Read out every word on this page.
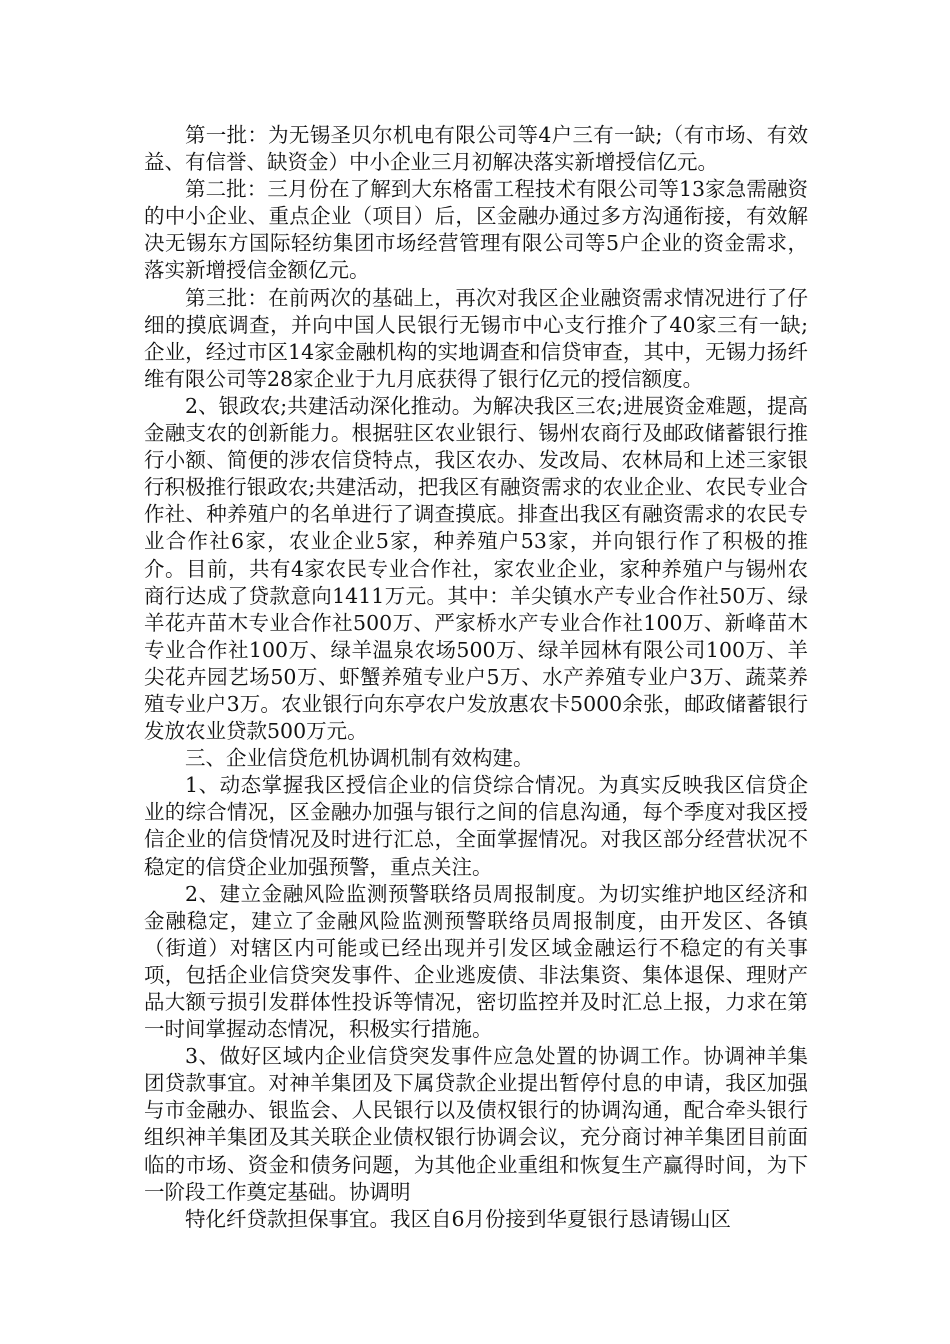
第一批：为无锡圣贝尔机电有限公司等4户三有一缺;（有市场、有效益、有信誉、缺资金）中小企业三月初解决落实新增授信亿元。

第二批：三月份在了解到大东格雷工程技术有限公司等13家急需融资的中小企业、重点企业（项目）后，区金融办通过多方沟通衔接，有效解决无锡东方国际轻纺集团市场经营管理有限公司等5户企业的资金需求，落实新增授信金额亿元。

第三批：在前两次的基础上，再次对我区企业融资需求情况进行了仔细的摸底调查，并向中国人民银行无锡市中心支行推介了40家三有一缺;企业，经过市区14家金融机构的实地调查和信贷审查，其中，无锡力扬纤维有限公司等28家企业于九月底获得了银行亿元的授信额度。

2、银政农;共建活动深化推动。为解决我区三农;进展资金难题，提高金融支农的创新能力。根据驻区农业银行、锡州农商行及邮政储蓄银行推行小额、简便的涉农信贷特点，我区农办、发改局、农林局和上述三家银行积极推行银政农;共建活动，把我区有融资需求的农业企业、农民专业合作社、种养殖户的名单进行了调查摸底。排查出我区有融资需求的农民专业合作社6家，农业企业5家，种养殖户53家，并向银行作了积极的推介。目前，共有4家农民专业合作社，家农业企业，家种养殖户与锡州农商行达成了贷款意向1411万元。其中：羊尖镇水产专业合作社50万、绿羊花卉苗木专业合作社500万、严家桥水产专业合作社100万、新峰苗木专业合作社100万、绿羊温泉农场500万、绿羊园林有限公司100万、羊尖花卉园艺场50万、虾蟹养殖专业户5万、水产养殖专业户3万、蔬菜养殖专业户3万。农业银行向东亭农户发放惠农卡5000余张，邮政储蓄银行发放农业贷款500万元。

三、企业信贷危机协调机制有效构建。

1、动态掌握我区授信企业的信贷综合情况。为真实反映我区信贷企业的综合情况，区金融办加强与银行之间的信息沟通，每个季度对我区授信企业的信贷情况及时进行汇总，全面掌握情况。对我区部分经营状况不稳定的信贷企业加强预警，重点关注。

2、建立金融风险监测预警联络员周报制度。为切实维护地区经济和金融稳定，建立了金融风险监测预警联络员周报制度，由开发区、各镇（街道）对辖区内可能或已经出现并引发区域金融运行不稳定的有关事项，包括企业信贷突发事件、企业逃废债、非法集资、集体退保、理财产品大额亏损引发群体性投诉等情况，密切监控并及时汇总上报，力求在第一时间掌握动态情况，积极实行措施。

3、做好区域内企业信贷突发事件应急处置的协调工作。协调神羊集团贷款事宜。对神羊集团及下属贷款企业提出暂停付息的申请，我区加强与市金融办、银监会、人民银行以及债权银行的协调沟通，配合牵头银行组织神羊集团及其关联企业债权银行协调会议，充分商讨神羊集团目前面临的市场、资金和债务问题，为其他企业重组和恢复生产赢得时间，为下一阶段工作奠定基础。协调明

特化纤贷款担保事宜。我区自6月份接到华夏银行恳请锡山区
